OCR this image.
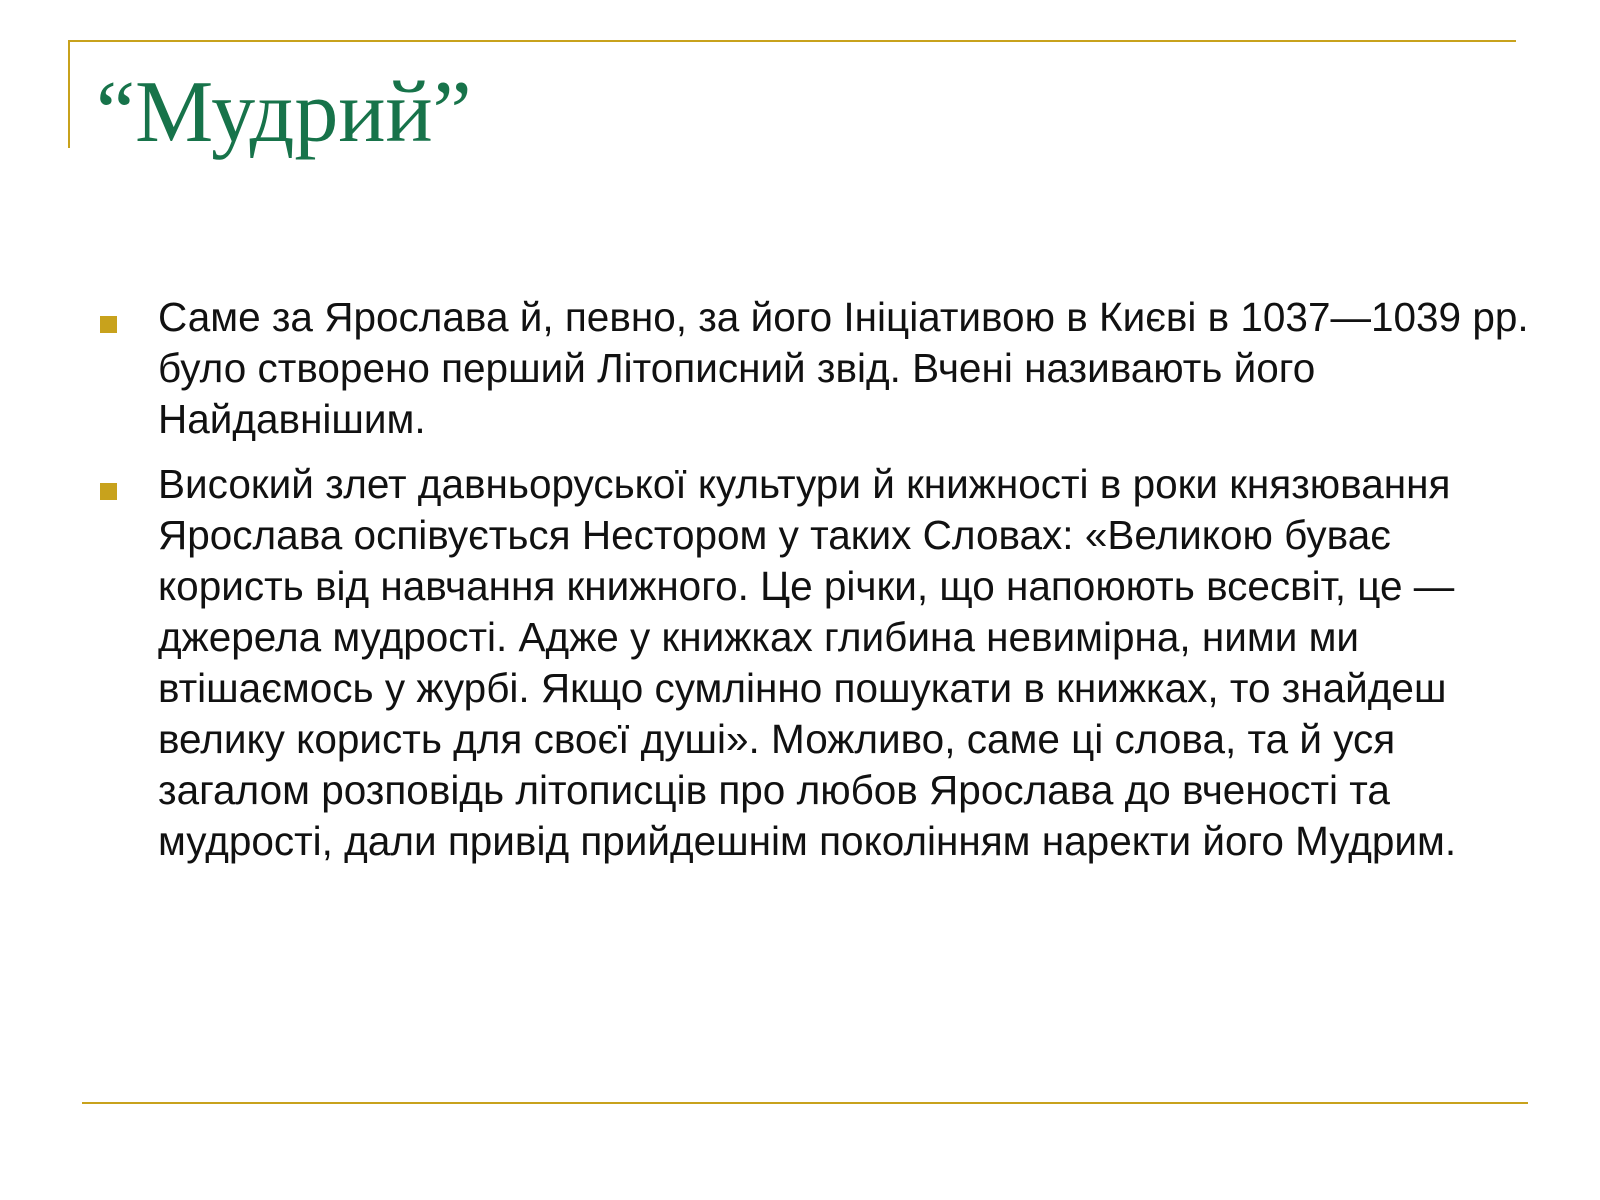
“Мудрий”
Саме за Ярослава й, певно, за його Ініціативою в Києві в 1037—1039 рр. було створено перший Літописний звід. Вчені називають його Найдавнішим.
Високий злет давньоруської культури й книжності в роки князювання Ярослава оспівується Нестором у таких Словах: «Великою буває користь від навчання книжного. Це річки, що напоюють всесвіт, це — джерела мудрості. Адже у книжках глибина невимірна, ними ми втішаємось у журбі. Якщо сумлінно пошукати в книжках, то знайдеш велику користь для своєї душі». Можливо, саме ці слова, та й уся загалом розповідь літописців про любов Ярослава до вченості та мудрості, дали привід прийдешнім поколінням наректи його Мудрим.
